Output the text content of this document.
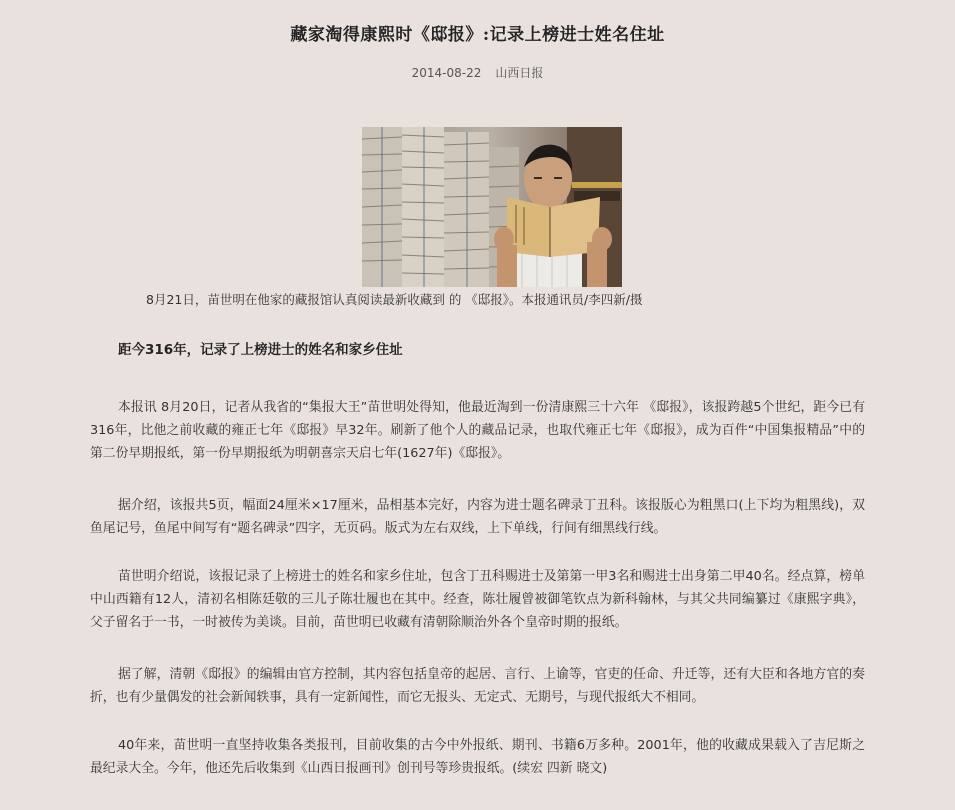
藏家淘得康熙时《邸报》:记录上榜进士姓名住址
2014-08-22 山西日报
8月21日，苗世明在他家的藏报馆认真阅读最新收藏到 的 《邸报》。本报通讯员/李四新/摄
距今316年，记录了上榜进士的姓名和家乡住址

本报讯 8月20日，记者从我省的“集报大王”苗世明处得知，他最近淘到一份清康熙三十六年 《邸报》，该报跨越5个世纪，距今已有316年，比他之前收藏的雍正七年《邸报》早32年。刷新了他个人的藏品记录，也取代雍正七年《邸报》，成为百件“中国集报精品”中的第二份早期报纸，第一份早期报纸为明朝喜宗天启七年(1627年)《邸报》。

据介绍，该报共5页，幅面24厘米×17厘米，品相基本完好，内容为进士题名碑录丁丑科。该报版心为粗黑口(上下均为粗黑线)，双鱼尾记号，鱼尾中间写有“题名碑录”四字，无页码。版式为左右双线，上下单线，行间有细黑线行线。

苗世明介绍说，该报记录了上榜进士的姓名和家乡住址，包含丁丑科赐进士及第第一甲3名和赐进士出身第二甲40名。经点算，榜单中山西籍有12人，清初名相陈廷敬的三儿子陈壮履也在其中。经查，陈壮履曾被御笔钦点为新科翰林，与其父共同编纂过《康熙字典》，父子留名于一书，一时被传为美谈。目前，苗世明已收藏有清朝除顺治外各个皇帝时期的报纸。

据了解，清朝《邸报》的编辑由官方控制，其内容包括皇帝的起居、言行、上谕等，官吏的任命、升迁等，还有大臣和各地方官的奏折，也有少量偶发的社会新闻轶事，具有一定新闻性，而它无报头、无定式、无期号，与现代报纸大不相同。

40年来，苗世明一直坚持收集各类报刊，目前收集的古今中外报纸、期刊、书籍6万多种。2001年，他的收藏成果载入了吉尼斯之最纪录大全。今年，他还先后收集到《山西日报画刊》创刊号等珍贵报纸。(续宏 四新 晓文)
